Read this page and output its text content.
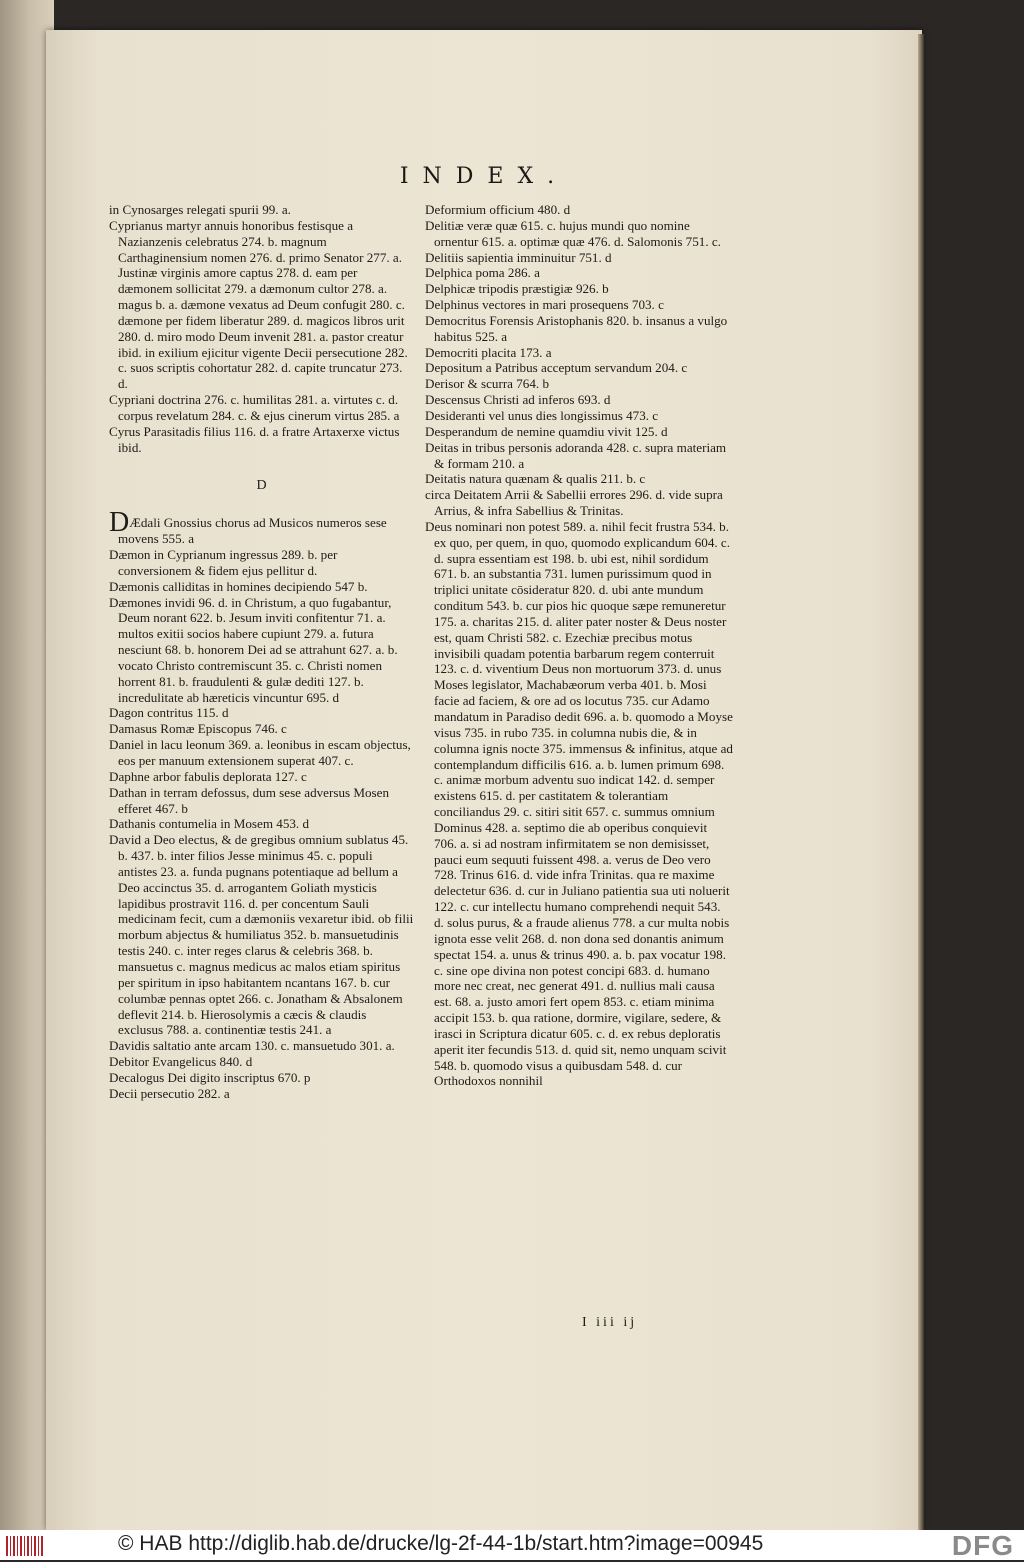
INDEX.

in Cynosarges relegati spurii 99. a.

Cyprianus martyr annuis honoribus festisque a Nazianzenis celebratus 274. b. magnum Carthaginensium nomen 276. d. primo Senator 277. a. Justinæ virginis amore captus 278. d. eam per dæmonem sollicitat 279. a dæmonum cultor 278. a. magus b. a. dæmone vexatus ad Deum confugit 280. c. dæmone per fidem liberatur 289. d. magicos libros urit 280. d. miro modo Deum invenit 281. a. pastor creatur ibid. in exilium ejicitur vigente Decii persecutione 282. c. suos scriptis cohortatur 282. d. capite truncatur 273. d.

Cypriani doctrina 276. c. humilitas 281. a. virtutes c. d. corpus revelatum 284. c. & ejus cinerum virtus 285. a

Cyrus Parasitadis filius 116. d. a fratre Artaxerxe victus ibid.

D

DÆdali Gnossius chorus ad Musicos numeros sese movens 555. a

Dæmon in Cyprianum ingressus 289. b. per conversionem & fidem ejus pellitur d.

Dæmonis calliditas in homines decipiendo 547 b.

Dæmones invidi 96. d. in Christum, a quo fugabantur, Deum norant 622. b. Jesum inviti confitentur 71. a. multos exitii socios habere cupiunt 279. a. futura nesciunt 68. b. honorem Dei ad se attrahunt 627. a. b. vocato Christo contremiscunt 35. c. Christi nomen horrent 81. b. fraudulenti & gulæ dediti 127. b. incredulitate ab hæreticis vincuntur 695. d

Dagon contritus 115. d

Damasus Romæ Episcopus 746. c

Daniel in lacu leonum 369. a. leonibus in escam objectus, eos per manuum extensionem superat 407. c.

Daphne arbor fabulis deplorata 127. c

Dathan in terram defossus, dum sese adversus Mosen efferet 467. b

Dathanis contumelia in Mosem 453. d

David a Deo electus, & de gregibus omnium sublatus 45. b. 437. b. inter filios Jesse minimus 45. c. populi antistes 23. a. funda pugnans potentiaque ad bellum a Deo accinctus 35. d. arrogantem Goliath mysticis lapidibus prostravit 116. d. per concentum Sauli medicinam fecit, cum a dæmoniis vexaretur ibid. ob filii morbum abjectus & humiliatus 352. b. mansuetudinis testis 240. c. inter reges clarus & celebris 368. b. mansuetus c. magnus medicus ac malos etiam spiritus per spiritum in ipso habitantem ncantans 167. b. cur columbæ pennas optet 266. c. Jonatham & Absalonem deflevit 214. b. Hierosolymis a cæcis & claudis exclusus 788. a. continentiæ testis 241. a

Davidis saltatio ante arcam 130. c. mansuetudo 301. a.

Debitor Evangelicus 840. d

Decalogus Dei digito inscriptus 670. p

Decii persecutio 282. a

Deformium officium 480. d

Delitiæ veræ quæ 615. c. hujus mundi quo nomine ornentur 615. a. optimæ quæ 476. d. Salomonis 751. c.

Delitiis sapientia imminuitur 751. d

Delphica poma 286. a

Delphicæ tripodis præstigiæ 926. b

Delphinus vectores in mari prosequens 703. c

Democritus Forensis Aristophanis 820. b. insanus a vulgo habitus 525. a

Democriti placita 173. a

Depositum a Patribus acceptum servandum 204. c

Derisor & scurra 764. b

Descensus Christi ad inferos 693. d

Desideranti vel unus dies longissimus 473. c

Desperandum de nemine quamdiu vivit 125. d

Deitas in tribus personis adoranda 428. c. supra materiam & formam 210. a

Deitatis natura quænam & qualis 211. b. c

circa Deitatem Arrii & Sabellii errores 296. d. vide supra Arrius, & infra Sabellius & Trinitas.

Deus nominari non potest 589. a. nihil fecit frustra 534. b. ex quo, per quem, in quo, quomodo explicandum 604. c. d. supra essentiam est 198. b. ubi est, nihil sordidum 671. b. an substantia 731. lumen purissimum quod in triplici unitate cōsideratur 820. d. ubi ante mundum conditum 543. b. cur pios hic quoque sæpe remuneretur 175. a. charitas 215. d. aliter pater noster & Deus noster est, quam Christi 582. c. Ezechiæ precibus motus invisibili quadam potentia barbarum regem conterruit 123. c. d. viventium Deus non mortuorum 373. d. unus Moses legislator, Machabæorum verba 401. b. Mosi facie ad faciem, & ore ad os locutus 735. cur Adamo mandatum in Paradiso dedit 696. a. b. quomodo a Moyse visus 735. in rubo 735. in columna nubis die, & in columna ignis nocte 375. immensus & infinitus, atque ad contemplandum difficilis 616. a. b. lumen primum 698. c. animæ morbum adventu suo indicat 142. d. semper existens 615. d. per castitatem & tolerantiam conciliandus 29. c. sitiri sitit 657. c. summus omnium Dominus 428. a. septimo die ab operibus conquievit 706. a. si ad nostram infirmitatem se non demisisset, pauci eum sequuti fuissent 498. a. verus de Deo vero 728. Trinus 616. d. vide infra Trinitas. qua re maxime delectetur 636. d. cur in Juliano patientia sua uti noluerit 122. c. cur intellectu humano comprehendi nequit 543. d. solus purus, & a fraude alienus 778. a cur multa nobis ignota esse velit 268. d. non dona sed donantis animum spectat 154. a. unus & trinus 490. a. b. pax vocatur 198. c. sine ope divina non potest concipi 683. d. humano more nec creat, nec generat 491. d. nullius mali causa est. 68. a. justo amori fert opem 853. c. etiam minima accipit 153. b. qua ratione, dormire, vigilare, sedere, & irasci in Scriptura dicatur 605. c. d. ex rebus deploratis aperit iter fecundis 513. d. quid sit, nemo unquam scivit 548. b. quomodo visus a quibusdam 548. d. cur Orthodoxos nonnihil

I iii ij
© HAB http://diglib.hab.de/drucke/lg-2f-44-1b/start.htm?image=00945	DFG
